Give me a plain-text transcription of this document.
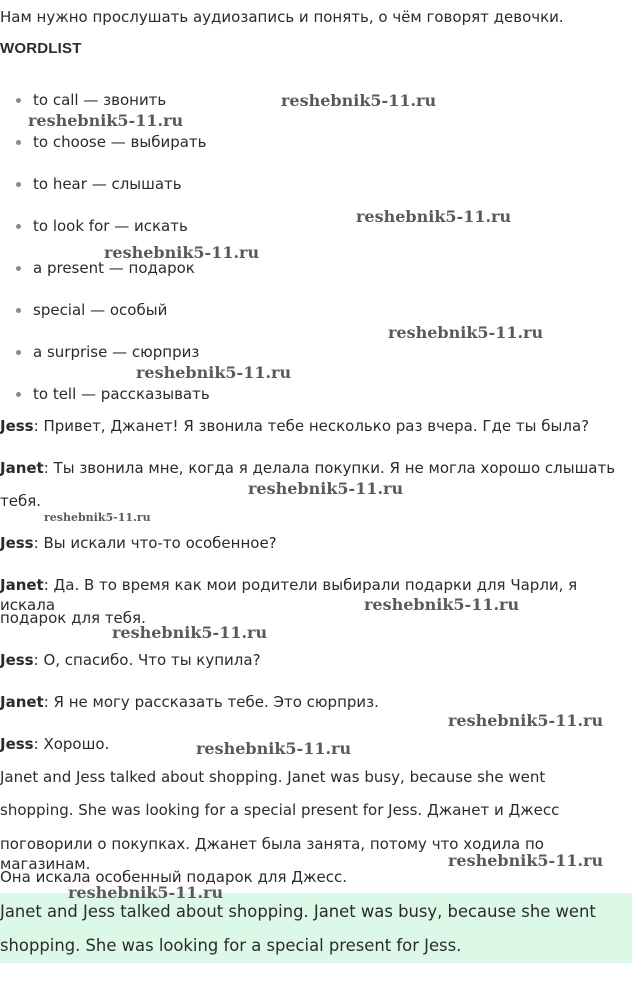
Нам нужно прослушать аудиозапись и понять, о чём говорят девочки.

WORDLIST
to call — звонить
to choose — выбирать
to hear — слышать
to look for — искать
a present — подарок
special — особый
a surprise — сюрприз
to tell — рассказывать

Jess: Привет, Джанет! Я звонила тебе несколько раз вчера. Где ты была?

Janet: Ты звонила мне, когда я делала покупки. Я не могла хорошо слышать

тебя.

Jess: Вы искали что-то особенное?

Janet: Да. В то время как мои родители выбирали подарки для Чарли, я искала

подарок для тебя.

Jess: О, спасибо. Что ты купила?

Janet: Я не могу рассказать тебе. Это сюрприз.

Jess: Хорошо.

Janet and Jess talked about shopping. Janet was busy, because she went

shopping. She was looking for a special present for Jess. Джанет и Джесс

поговорили о покупках. Джанет была занята, потому что ходила по магазинам.

Она искала особенный подарок для Джесс.

Janet and Jess talked about shopping. Janet was busy, because she went

shopping. She was looking for a special present for Jess.

reshebnik5-11.ru
reshebnik5-11.ru
reshebnik5-11.ru
reshebnik5-11.ru
reshebnik5-11.ru
reshebnik5-11.ru
reshebnik5-11.ru
reshebnik5-11.ru
reshebnik5-11.ru
reshebnik5-11.ru
reshebnik5-11.ru
reshebnik5-11.ru
reshebnik5-11.ru
reshebnik5-11.ru
